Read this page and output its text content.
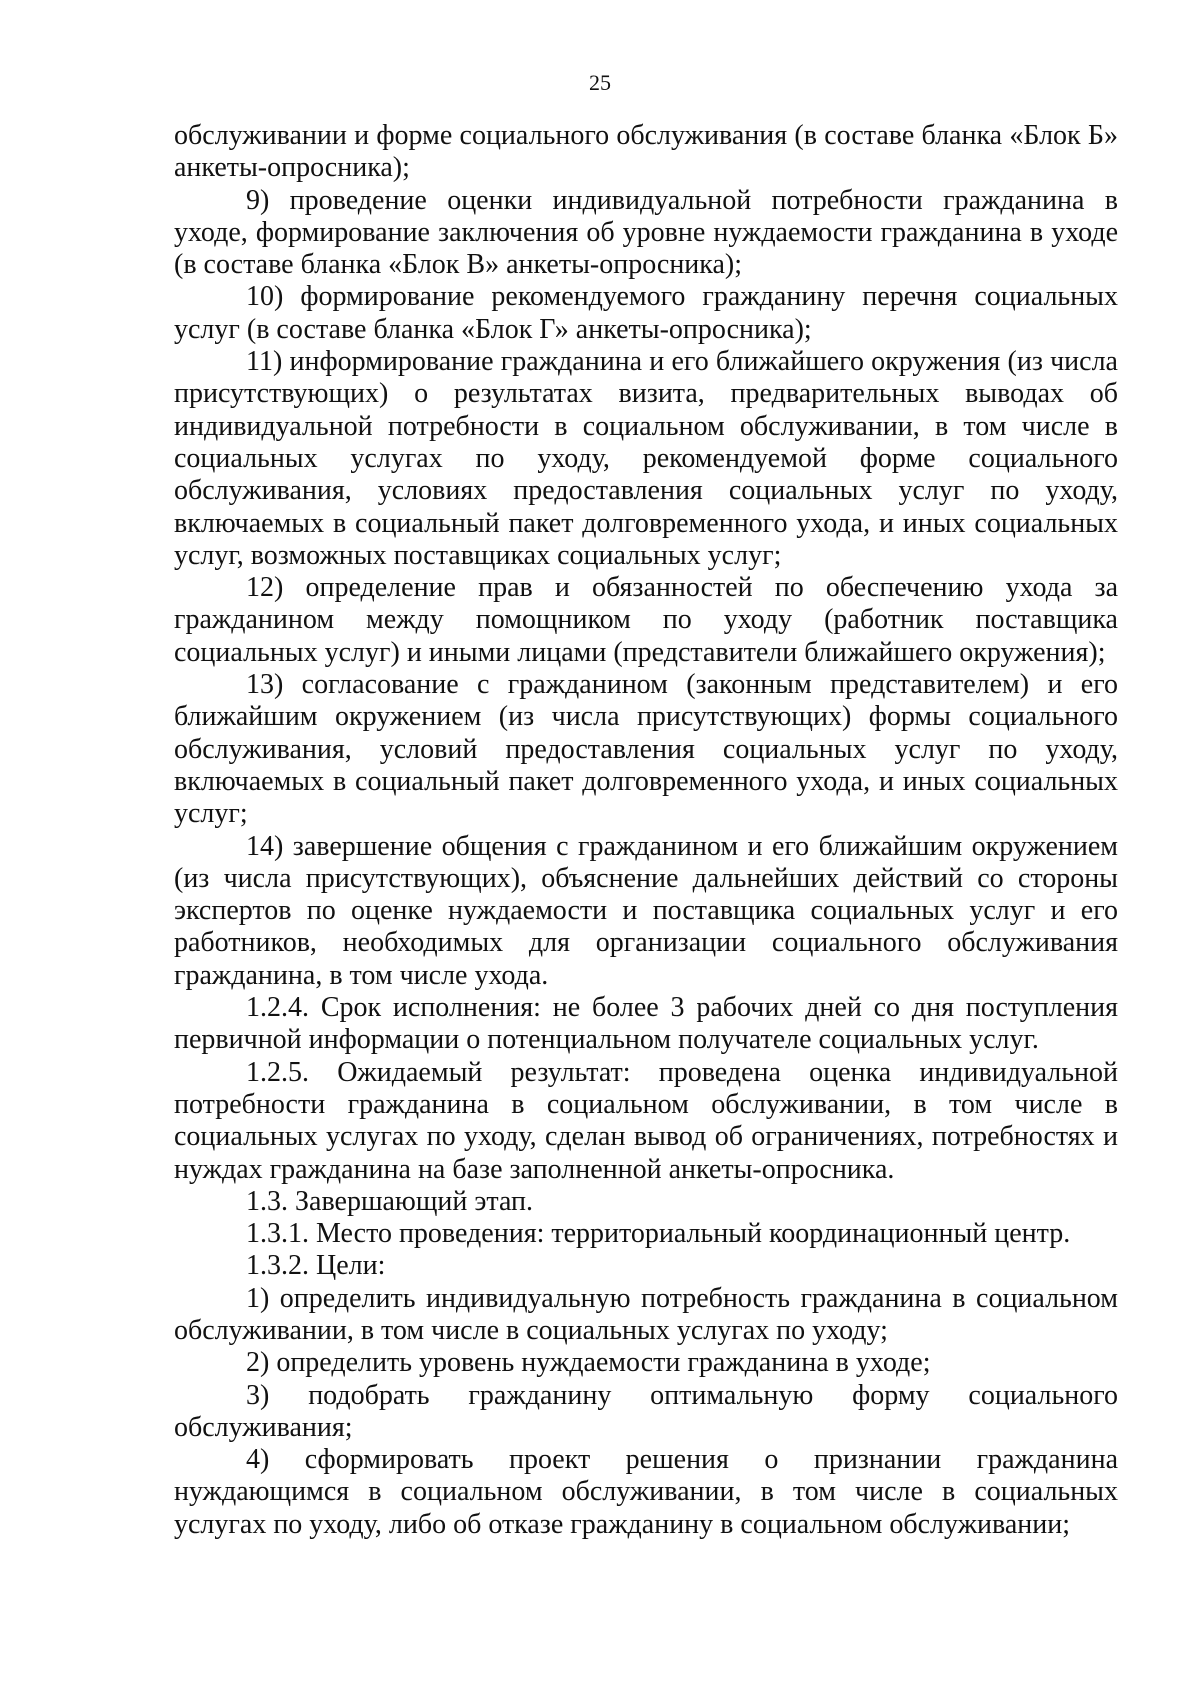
25

обслуживании и форме социального обслуживания (в составе бланка «Блок Б» анкеты-опросника);

9) проведение оценки индивидуальной потребности гражданина в уходе, формирование заключения об уровне нуждаемости гражданина в уходе (в составе бланка «Блок В» анкеты-опросника);

10) формирование рекомендуемого гражданину перечня социальных услуг (в составе бланка «Блок Г» анкеты-опросника);

11) информирование гражданина и его ближайшего окружения (из числа присутствующих) о результатах визита, предварительных выводах об индивидуальной потребности в социальном обслуживании, в том числе в социальных услугах по уходу, рекомендуемой форме социального обслуживания, условиях предоставления социальных услуг по уходу, включаемых в социальный пакет долговременного ухода, и иных социальных услуг, возможных поставщиках социальных услуг;

12) определение прав и обязанностей по обеспечению ухода за гражданином между помощником по уходу (работник поставщика социальных услуг) и иными лицами (представители ближайшего окружения);

13) согласование с гражданином (законным представителем) и его ближайшим окружением (из числа присутствующих) формы социального обслуживания, условий предоставления социальных услуг по уходу, включаемых в социальный пакет долговременного ухода, и иных социальных услуг;

14) завершение общения с гражданином и его ближайшим окружением (из числа присутствующих), объяснение дальнейших действий со стороны экспертов по оценке нуждаемости и поставщика социальных услуг и его работников, необходимых для организации социального обслуживания гражданина, в том числе ухода.

1.2.4. Срок исполнения: не более 3 рабочих дней со дня поступления первичной информации о потенциальном получателе социальных услуг.

1.2.5. Ожидаемый результат: проведена оценка индивидуальной потребности гражданина в социальном обслуживании, в том числе в социальных услугах по уходу, сделан вывод об ограничениях, потребностях и нуждах гражданина на базе заполненной анкеты-опросника.

1.3. Завершающий этап.

1.3.1. Место проведения: территориальный координационный центр.

1.3.2. Цели:

1) определить индивидуальную потребность гражданина в социальном обслуживании, в том числе в социальных услугах по уходу;

2) определить уровень нуждаемости гражданина в уходе;

3) подобрать гражданину оптимальную форму социального обслуживания;

4) сформировать проект решения о признании гражданина нуждающимся в социальном обслуживании, в том числе в социальных услугах по уходу, либо об отказе гражданину в социальном обслуживании;
